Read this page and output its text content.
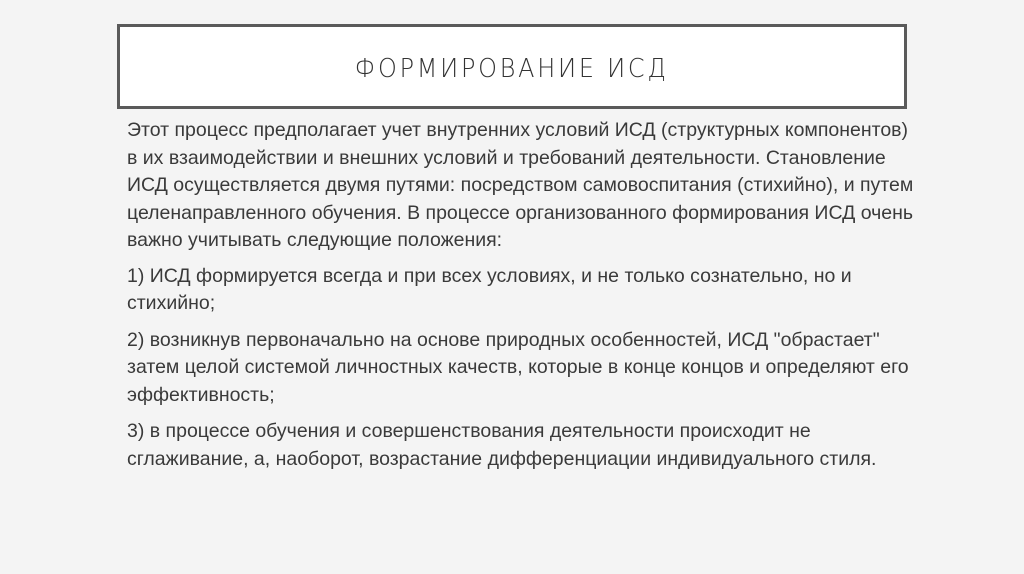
ФОРМИРОВАНИЕ ИСД

Этот процесс предполагает учет внутренних условий ИСД (структурных компонентов) в их взаимодействии и внешних условий и требований деятельности. Становление ИСД осуществляется двумя путями: посредством самовоспитания (стихийно), и путем целенаправленного обучения. В процессе организованного формирования ИСД очень важно учитывать следующие положения:

1) ИСД формируется всегда и при всех условиях, и не только сознательно, но и стихийно;

2) возникнув первоначально на основе природных особенностей, ИСД "обрастает" затем целой системой личностных качеств, которые в конце концов и определяют его эффективность;

3) в процессе обучения и совершенствования деятельности происходит не сглаживание, а, наоборот, возрастание дифференциации индивидуального стиля.
